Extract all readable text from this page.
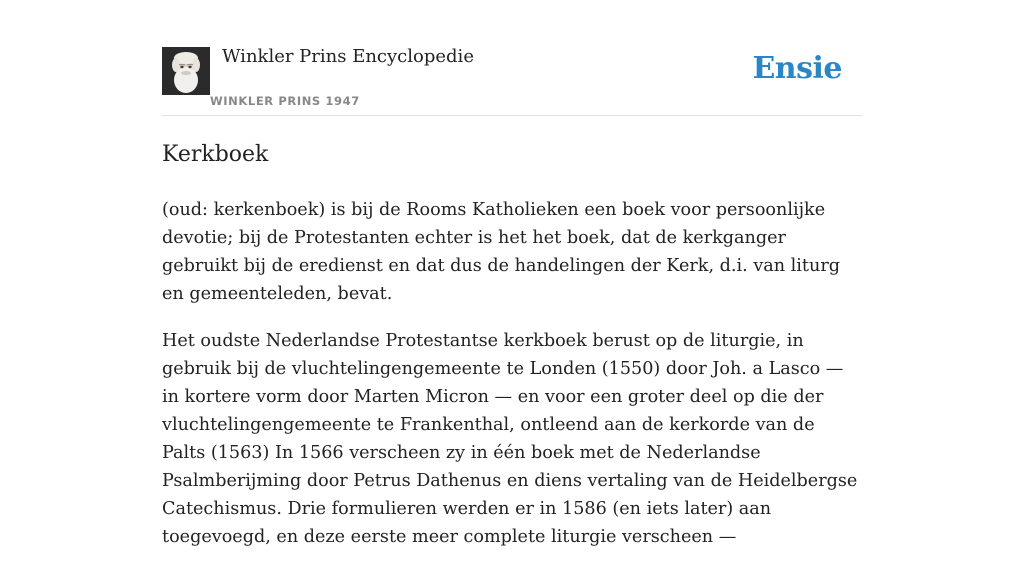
Winkler Prins Encyclopedie
WINKLER PRINS 1947
Ensie
Kerkboek

(oud: kerkenboek) is bij de Rooms Katholieken een boek voor persoonlijke devotie; bij de Protestanten echter is het het boek, dat de kerkganger gebruikt bij de eredienst en dat dus de handelingen der Kerk, d.i. van liturg en gemeenteleden, bevat.

Het oudste Nederlandse Protestantse kerkboek berust op de liturgie, in gebruik bij de vluchtelingengemeente te Londen (1550) door Joh. a Lasco — in kortere vorm door Marten Micron — en voor een groter deel op die der vluchtelingengemeente te Frankenthal, ontleend aan de kerkorde van de Palts (1563) In 1566 verscheen zy in één boek met de Nederlandse Psalmberijming door Petrus Dathenus en diens vertaling van de Heidelbergse Catechismus. Drie formulieren werden er in 1586 (en iets later) aan toegevoegd, en deze eerste meer complete liturgie verscheen —
